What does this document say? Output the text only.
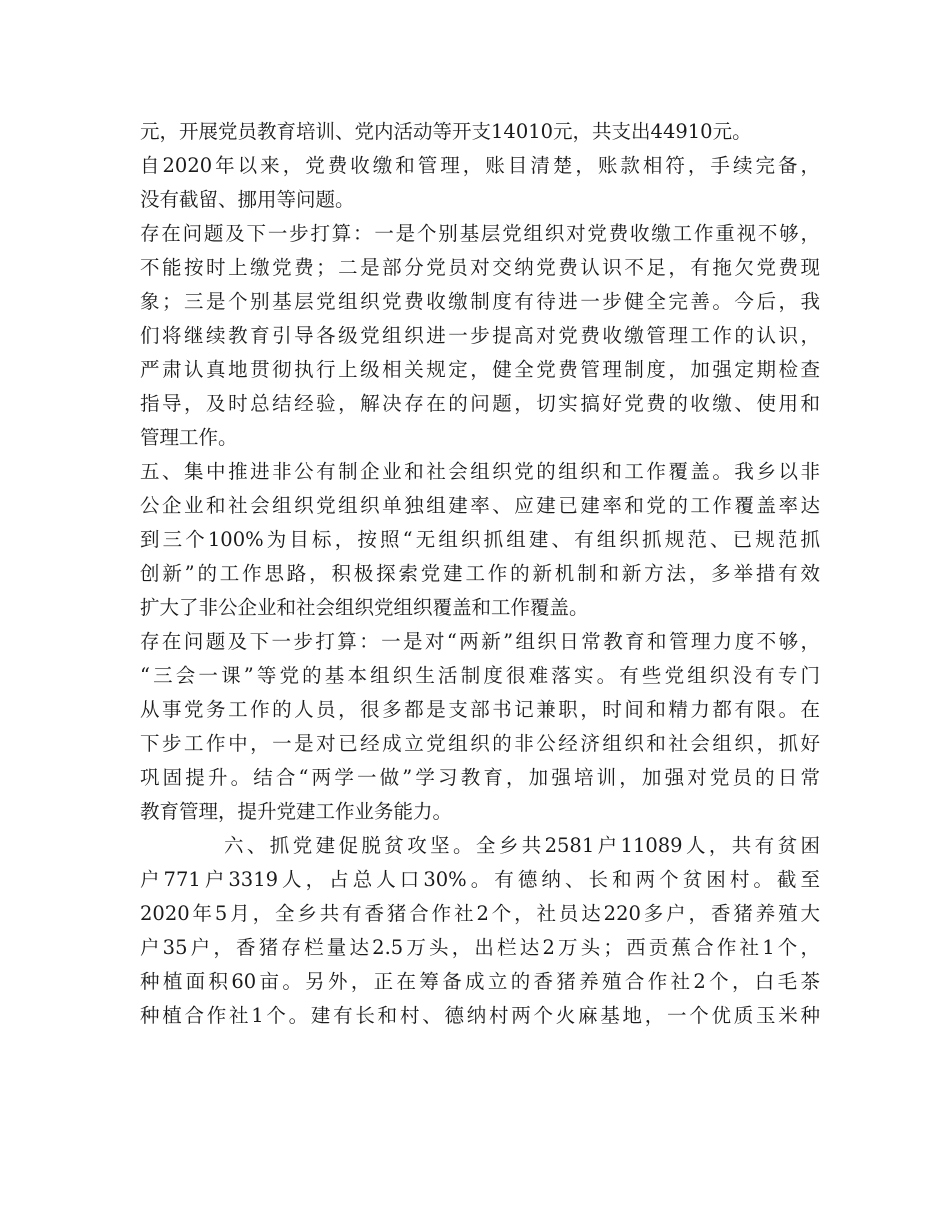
元，开展党员教育培训、党内活动等开支14010元，共支出44910元。
自2020年以来，党费收缴和管理，账目清楚，账款相符，手续完备，
没有截留、挪用等问题。
存在问题及下一步打算：一是个别基层党组织对党费收缴工作重视不够，
不能按时上缴党费；二是部分党员对交纳党费认识不足，有拖欠党费现
象；三是个别基层党组织党费收缴制度有待进一步健全完善。今后，我
们将继续教育引导各级党组织进一步提高对党费收缴管理工作的认识，
严肃认真地贯彻执行上级相关规定，健全党费管理制度，加强定期检查
指导，及时总结经验，解决存在的问题，切实搞好党费的收缴、使用和
管理工作。
五、集中推进非公有制企业和社会组织党的组织和工作覆盖。我乡以非
公企业和社会组织党组织单独组建率、应建已建率和党的工作覆盖率达
到三个100%为目标，按照“无组织抓组建、有组织抓规范、已规范抓
创新”的工作思路，积极探索党建工作的新机制和新方法，多举措有效
扩大了非公企业和社会组织党组织覆盖和工作覆盖。
存在问题及下一步打算：一是对“两新”组织日常教育和管理力度不够，
“三会一课”等党的基本组织生活制度很难落实。有些党组织没有专门
从事党务工作的人员，很多都是支部书记兼职，时间和精力都有限。在
下步工作中，一是对已经成立党组织的非公经济组织和社会组织，抓好
巩固提升。结合“两学一做”学习教育，加强培训，加强对党员的日常
教育管理，提升党建工作业务能力。
六、抓党建促脱贫攻坚。全乡共2581户11089人，共有贫困
户771户3319人，占总人口30%。有德纳、长和两个贫困村。截至
2020年5月，全乡共有香猪合作社2个，社员达220多户，香猪养殖大
户35户，香猪存栏量达2.5万头，出栏达2万头；西贡蕉合作社1个，
种植面积60亩。另外，正在筹备成立的香猪养殖合作社2个，白毛茶
种植合作社1个。建有长和村、德纳村两个火麻基地，一个优质玉米种
